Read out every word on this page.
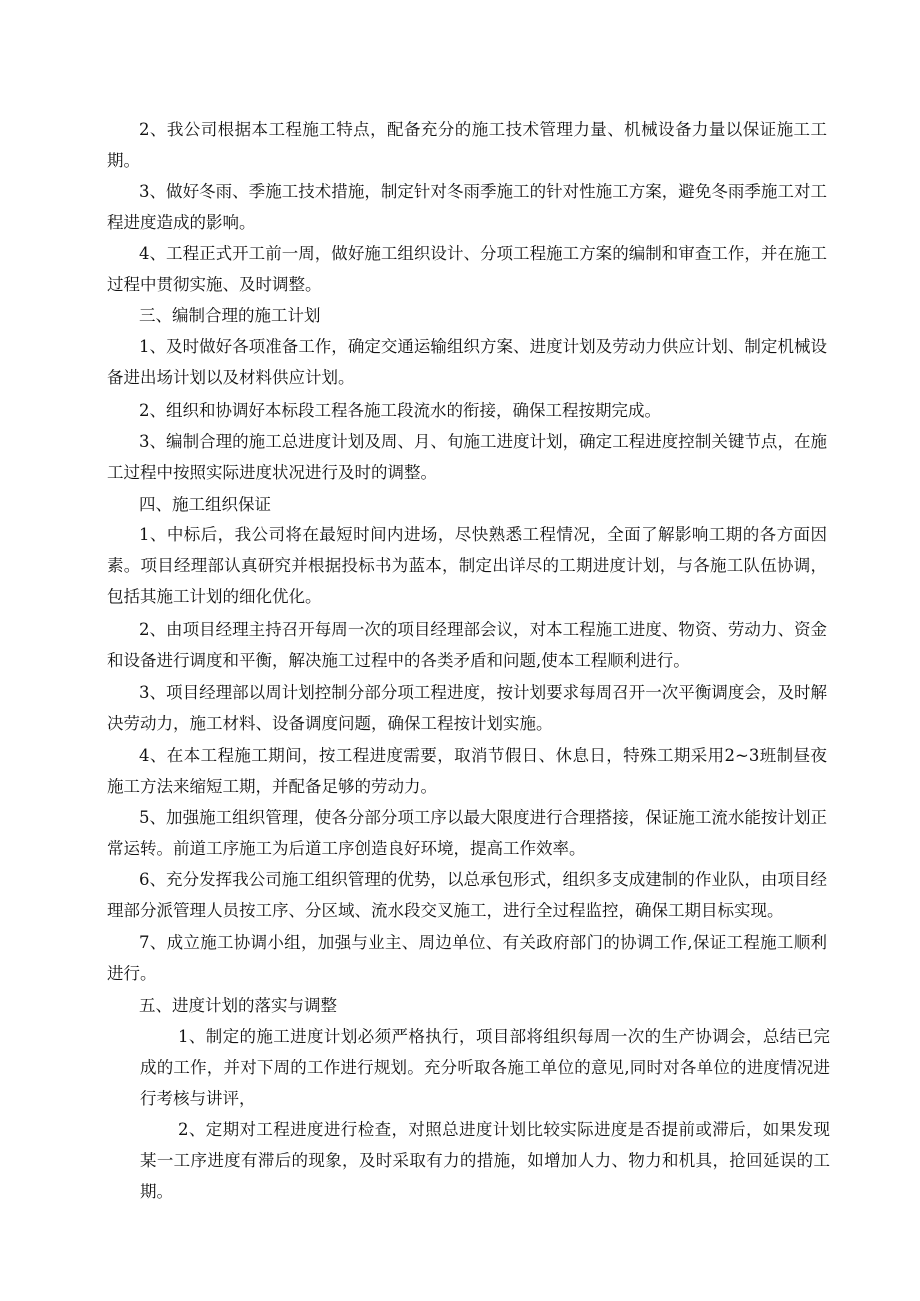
2、我公司根据本工程施工特点，配备充分的施工技术管理力量、机械设备力量以保证施工工期。

3、做好冬雨、季施工技术措施，制定针对冬雨季施工的针对性施工方案，避免冬雨季施工对工程进度造成的影响。

4、工程正式开工前一周，做好施工组织设计、分项工程施工方案的编制和审查工作，并在施工过程中贯彻实施、及时调整。

三、编制合理的施工计划

1、及时做好各项准备工作，确定交通运输组织方案、进度计划及劳动力供应计划、制定机械设备进出场计划以及材料供应计划。

2、组织和协调好本标段工程各施工段流水的衔接，确保工程按期完成。

3、编制合理的施工总进度计划及周、月、旬施工进度计划，确定工程进度控制关键节点，在施工过程中按照实际进度状况进行及时的调整。

四、施工组织保证

1、中标后，我公司将在最短时间内进场，尽快熟悉工程情况，全面了解影响工期的各方面因素。项目经理部认真研究并根据投标书为蓝本，制定出详尽的工期进度计划，与各施工队伍协调，包括其施工计划的细化优化。

2、由项目经理主持召开每周一次的项目经理部会议，对本工程施工进度、物资、劳动力、资金和设备进行调度和平衡，解决施工过程中的各类矛盾和问题,使本工程顺利进行。

3、项目经理部以周计划控制分部分项工程进度，按计划要求每周召开一次平衡调度会，及时解决劳动力，施工材料、设备调度问题，确保工程按计划实施。

4、在本工程施工期间，按工程进度需要，取消节假日、休息日，特殊工期采用2~3班制昼夜施工方法来缩短工期，并配备足够的劳动力。

5、加强施工组织管理，使各分部分项工序以最大限度进行合理搭接，保证施工流水能按计划正常运转。前道工序施工为后道工序创造良好环境，提高工作效率。

6、充分发挥我公司施工组织管理的优势，以总承包形式，组织多支成建制的作业队，由项目经理部分派管理人员按工序、分区域、流水段交叉施工，进行全过程监控，确保工期目标实现。

7、成立施工协调小组，加强与业主、周边单位、有关政府部门的协调工作,保证工程施工顺利进行。

五、进度计划的落实与调整

1、制定的施工进度计划必须严格执行，项目部将组织每周一次的生产协调会，总结已完成的工作，并对下周的工作进行规划。充分听取各施工单位的意见,同时对各单位的进度情况进行考核与讲评，

2、定期对工程进度进行检查，对照总进度计划比较实际进度是否提前或滞后，如果发现某一工序进度有滞后的现象，及时采取有力的措施，如增加人力、物力和机具，抢回延误的工期。
